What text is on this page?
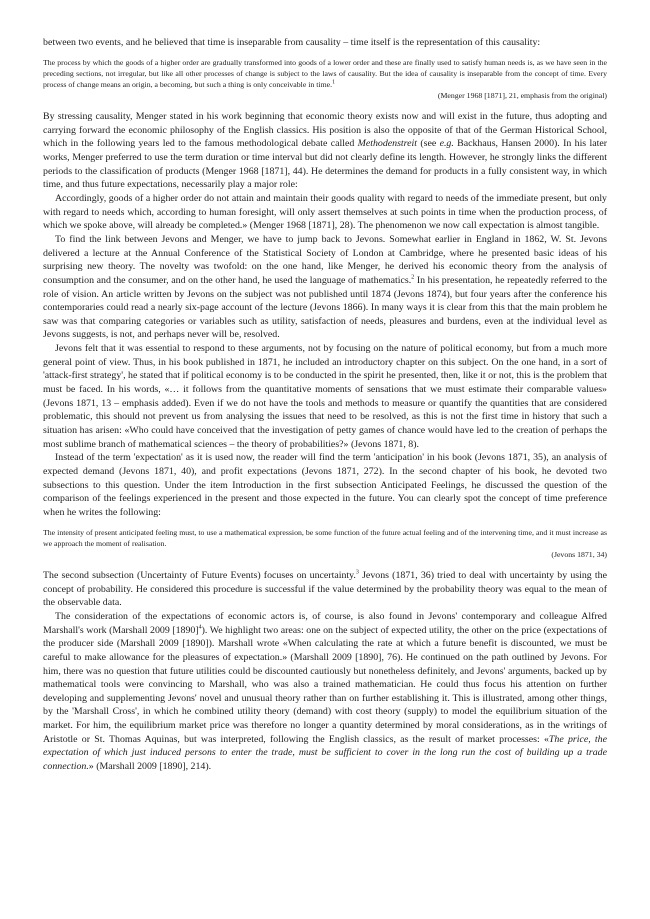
between two events, and he believed that time is inseparable from causality – time itself is the representation of this causality:

The process by which the goods of a higher order are gradually transformed into goods of a lower order and these are finally used to satisfy human needs is, as we have seen in the preceding sections, not irregular, but like all other processes of change is subject to the laws of causality. But the idea of causality is inseparable from the concept of time. Every process of change means an origin, a becoming, but such a thing is only conceivable in time.$^1$

(Menger 1968 [1871], 21, emphasis from the original)

By stressing causality, Menger stated in his work beginning that economic theory exists now and will exist in the future, thus adopting and carrying forward the economic philosophy of the English classics. His position is also the opposite of that of the German Historical School, which in the following years led to the famous methodological debate called Methodenstreit (see e.g. Backhaus, Hansen 2000). In his later works, Menger preferred to use the term duration or time interval but did not clearly define its length. However, he strongly links the different periods to the classification of products (Menger 1968 [1871], 44). He determines the demand for products in a fully consistent way, in which time, and thus future expectations, necessarily play a major role:

Accordingly, goods of a higher order do not attain and maintain their goods quality with regard to needs of the immediate present, but only with regard to needs which, according to human foresight, will only assert themselves at such points in time when the production process, of which we spoke above, will already be completed.» (Menger 1968 [1871], 28). The phenomenon we now call expectation is almost tangible.

To find the link between Jevons and Menger, we have to jump back to Jevons. Somewhat earlier in England in 1862, W. St. Jevons delivered a lecture at the Annual Conference of the Statistical Society of London at Cambridge, where he presented basic ideas of his surprising new theory. The novelty was twofold: on the one hand, like Menger, he derived his economic theory from the analysis of consumption and the consumer, and on the other hand, he used the language of mathematics.$^2$ In his presentation, he repeatedly referred to the role of vision. An article written by Jevons on the subject was not published until 1874 (Jevons 1874), but four years after the conference his contemporaries could read a nearly six-page account of the lecture (Jevons 1866). In many ways it is clear from this that the main problem he saw was that comparing categories or variables such as utility, satisfaction of needs, pleasures and burdens, even at the individual level as Jevons suggests, is not, and perhaps never will be, resolved.

Jevons felt that it was essential to respond to these arguments, not by focusing on the nature of political economy, but from a much more general point of view. Thus, in his book published in 1871, he included an introductory chapter on this subject. On the one hand, in a sort of 'attack-first strategy', he stated that if political economy is to be conducted in the spirit he presented, then, like it or not, this is the problem that must be faced. In his words, «… it follows from the quantitative moments of sensations that we must estimate their comparable values» (Jevons 1871, 13 – emphasis added). Even if we do not have the tools and methods to measure or quantify the quantities that are considered problematic, this should not prevent us from analysing the issues that need to be resolved, as this is not the first time in history that such a situation has arisen: «Who could have conceived that the investigation of petty games of chance would have led to the creation of perhaps the most sublime branch of mathematical sciences – the theory of probabilities?» (Jevons 1871, 8).

Instead of the term 'expectation' as it is used now, the reader will find the term 'anticipation' in his book (Jevons 1871, 35), an analysis of expected demand (Jevons 1871, 40), and profit expectations (Jevons 1871, 272). In the second chapter of his book, he devoted two subsections to this question. Under the item Introduction in the first subsection Anticipated Feelings, he discussed the question of the comparison of the feelings experienced in the present and those expected in the future. You can clearly spot the concept of time preference when he writes the following:

The intensity of present anticipated feeling must, to use a mathematical expression, be some function of the future actual feeling and of the intervening time, and it must increase as we approach the moment of realisation.

(Jevons 1871, 34)

The second subsection (Uncertainty of Future Events) focuses on uncertainty.$^3$ Jevons (1871, 36) tried to deal with uncertainty by using the concept of probability. He considered this procedure is successful if the value determined by the probability theory was equal to the mean of the observable data.

The consideration of the expectations of economic actors is, of course, is also found in Jevons' contemporary and colleague Alfred Marshall's work (Marshall 2009 $[1890]^4$). We highlight two areas: one on the subject of expected utility, the other on the price (expectations of the producer side (Marshall 2009 [1890]). Marshall wrote «When calculating the rate at which a future benefit is discounted, we must be careful to make allowance for the pleasures of expectation.» (Marshall 2009 [1890], 76). He continued on the path outlined by Jevons. For him, there was no question that future utilities could be discounted cautiously but nonetheless definitely, and Jevons' arguments, backed up by mathematical tools were convincing to Marshall, who was also a trained mathematician. He could thus focus his attention on further developing and supplementing Jevons' novel and unusual theory rather than on further establishing it. This is illustrated, among other things, by the 'Marshall Cross', in which he combined utility theory (demand) with cost theory (supply) to model the equilibrium situation of the market. For him, the equilibrium market price was therefore no longer a quantity determined by moral considerations, as in the writings of Aristotle or St. Thomas Aquinas, but was interpreted, following the English classics, as the result of market processes: «The price, the expectation of which just induced persons to enter the trade, must be sufficient to cover in the long run the cost of building up a trade connection.» (Marshall 2009 [1890], 214).
